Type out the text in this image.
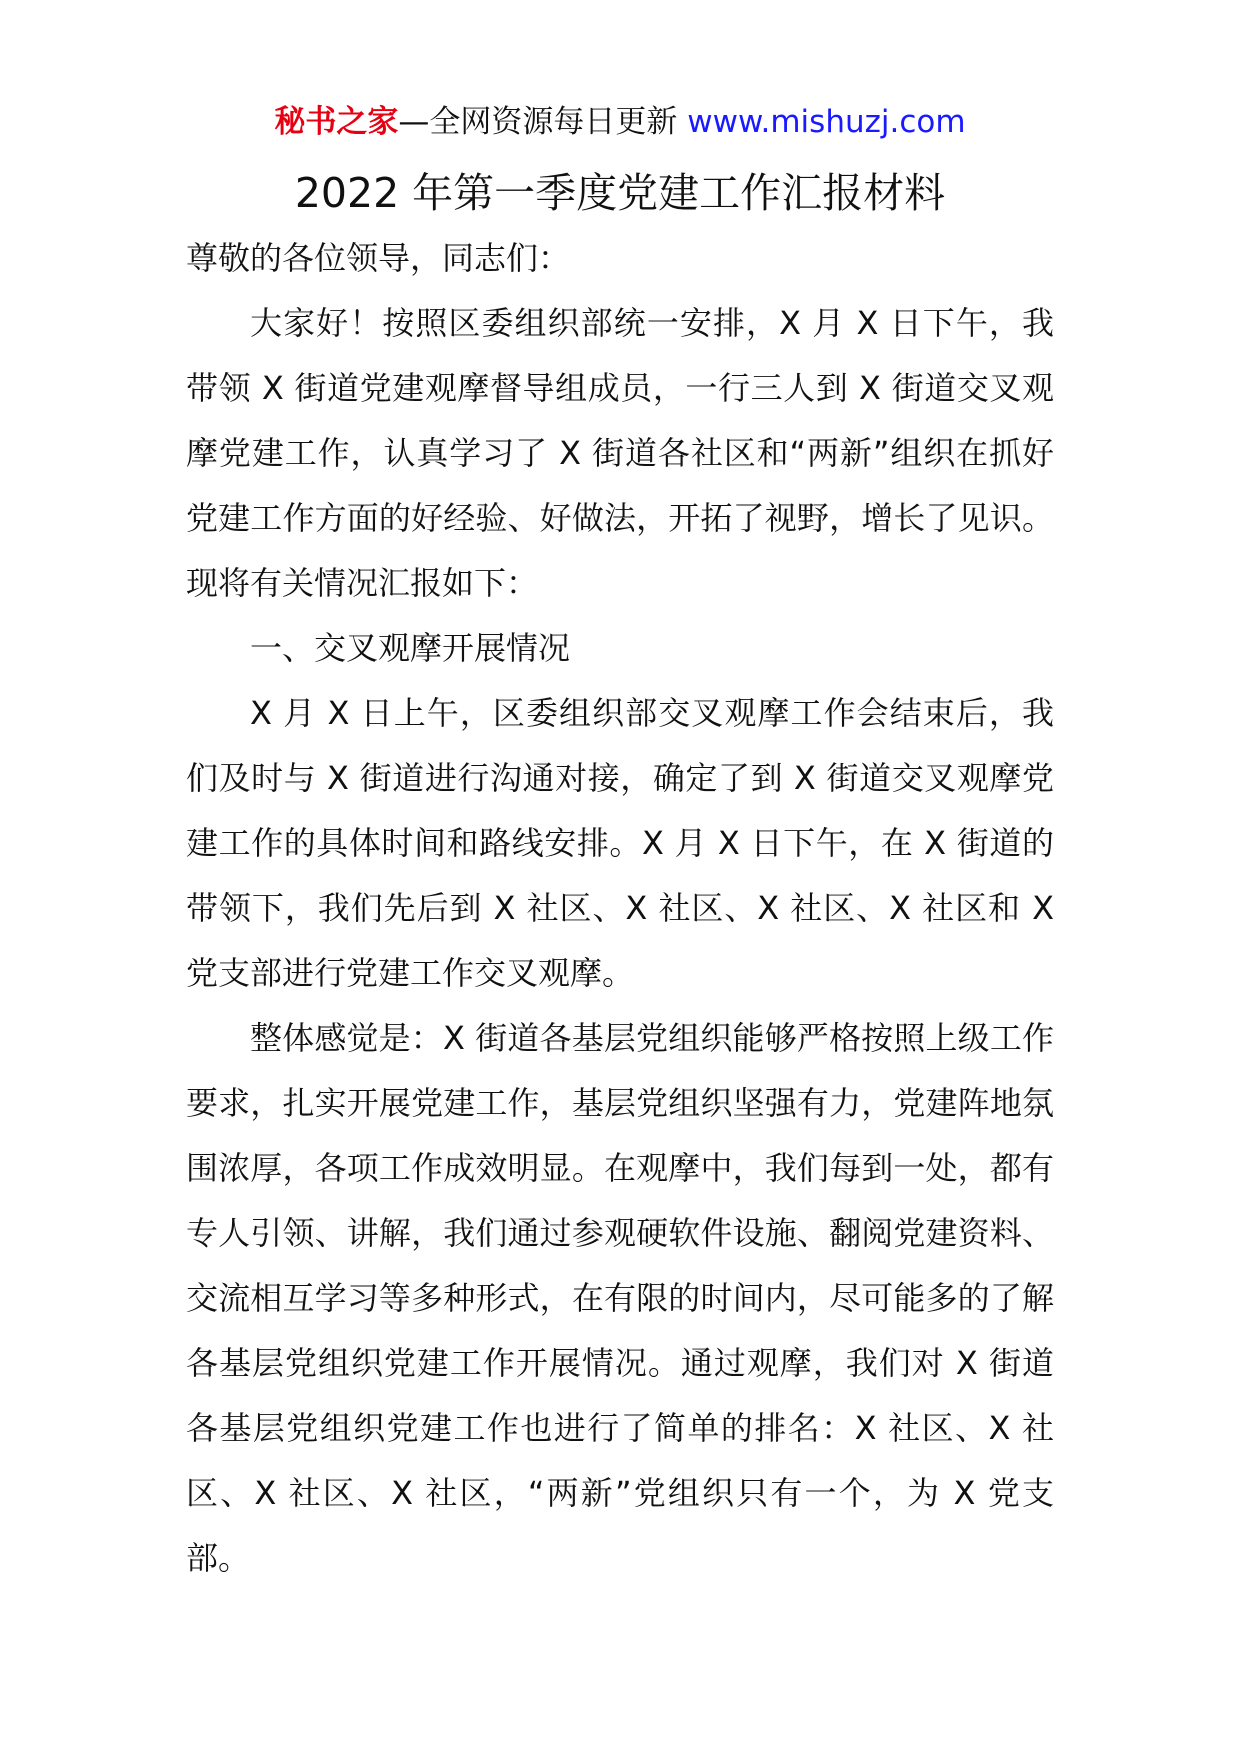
秘书之家—全网资源每日更新 www.mishuzj.com
2022 年第一季度党建工作汇报材料

尊敬的各位领导，同志们：

大家好！按照区委组织部统一安排，X 月 X 日下午，我带领 X 街道党建观摩督导组成员，一行三人到 X 街道交叉观摩党建工作，认真学习了 X 街道各社区和“两新”组织在抓好党建工作方面的好经验、好做法，开拓了视野，增长了见识。现将有关情况汇报如下：

一、交叉观摩开展情况

X 月 X 日上午，区委组织部交叉观摩工作会结束后，我们及时与 X 街道进行沟通对接，确定了到 X 街道交叉观摩党建工作的具体时间和路线安排。X 月 X 日下午，在 X 街道的带领下，我们先后到 X 社区、X 社区、X 社区、X 社区和 X 党支部进行党建工作交叉观摩。

整体感觉是：X 街道各基层党组织能够严格按照上级工作要求，扎实开展党建工作，基层党组织坚强有力，党建阵地氛围浓厚，各项工作成效明显。在观摩中，我们每到一处，都有专人引领、讲解，我们通过参观硬软件设施、翻阅党建资料、交流相互学习等多种形式，在有限的时间内，尽可能多的了解各基层党组织党建工作开展情况。通过观摩，我们对 X 街道各基层党组织党建工作也进行了简单的排名：X 社区、X 社区、X 社区、X 社区，“两新”党组织只有一个，为 X 党支部。
